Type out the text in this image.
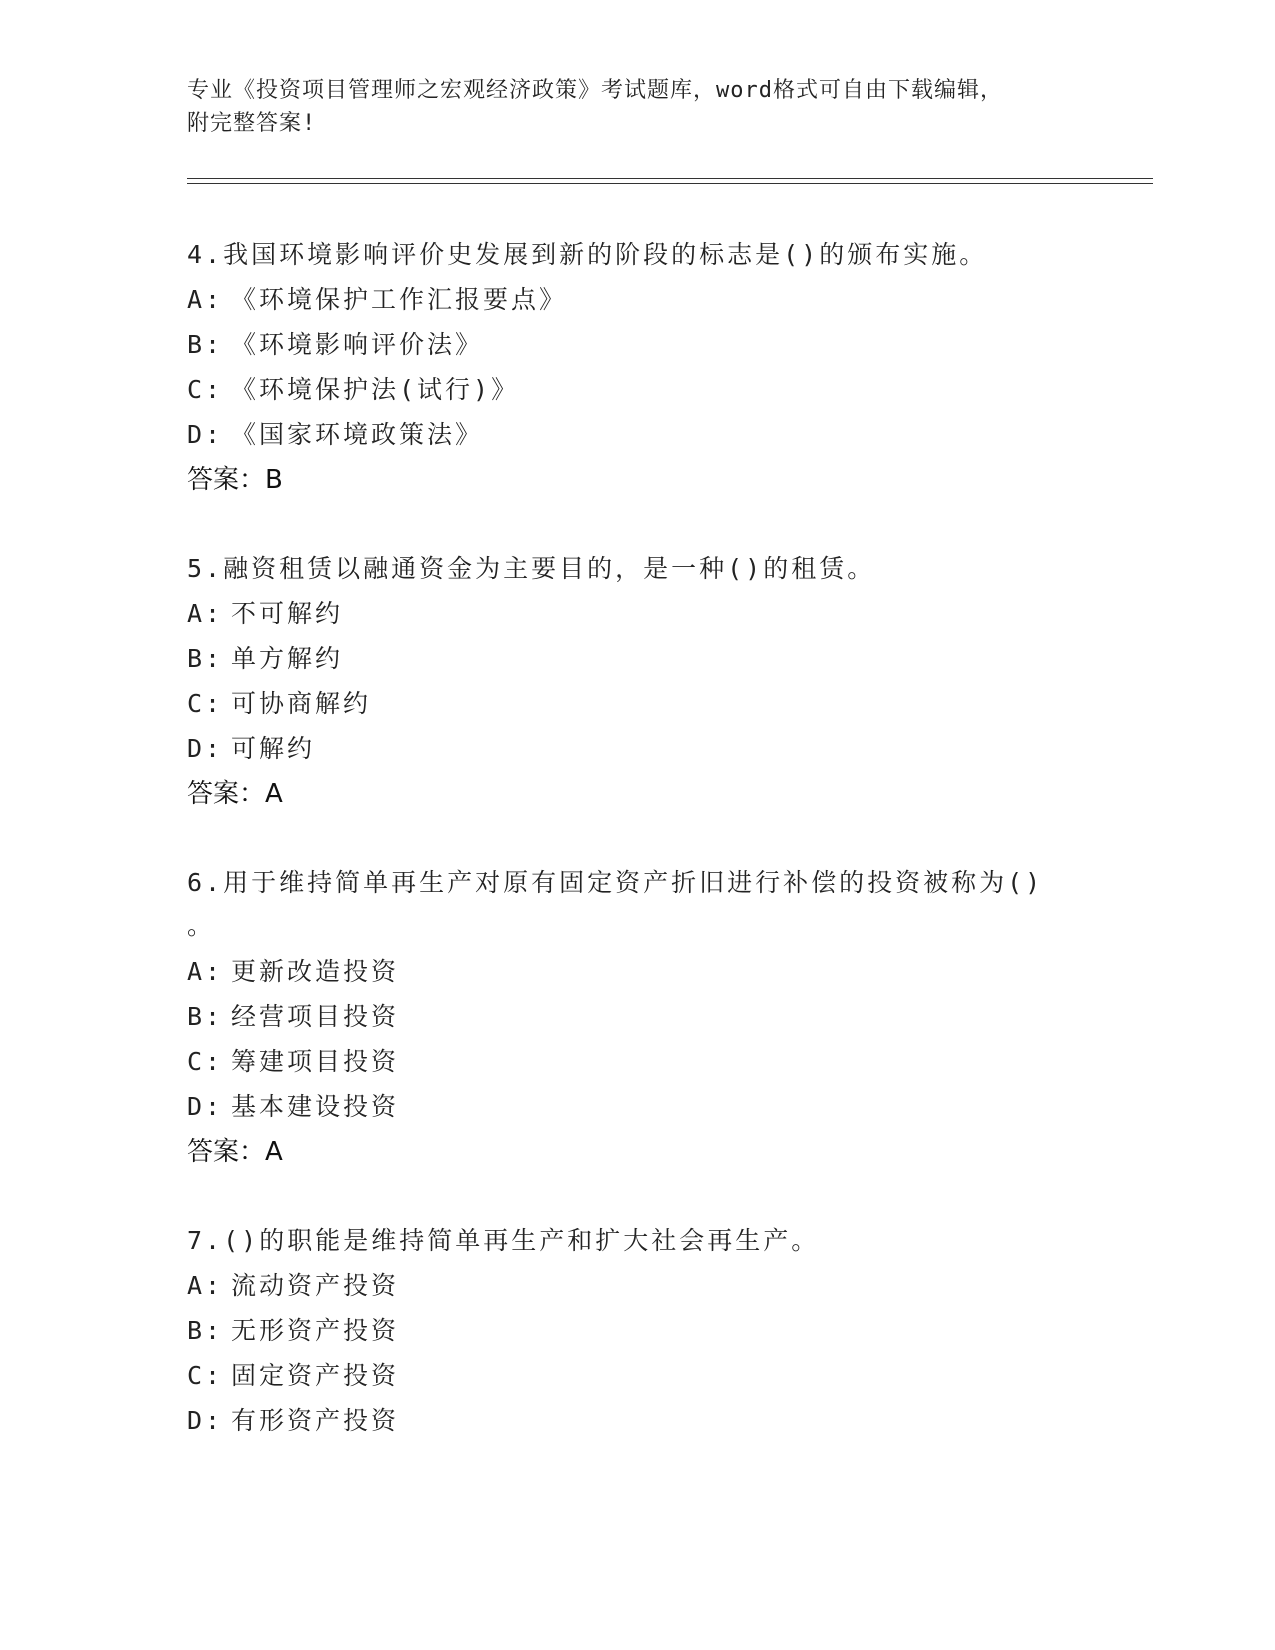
专业《投资项目管理师之宏观经济政策》考试题库，word格式可自由下载编辑，
附完整答案!
4.我国环境影响评价史发展到新的阶段的标志是()的颁布实施。
A: 《环境保护工作汇报要点》
B: 《环境影响评价法》
C: 《环境保护法(试行)》
D: 《国家环境政策法》
答案：B
5.融资租赁以融通资金为主要目的，是一种()的租赁。
A: 不可解约
B: 单方解约
C: 可协商解约
D: 可解约
答案：A
6.用于维持简单再生产对原有固定资产折旧进行补偿的投资被称为()
。
A: 更新改造投资
B: 经营项目投资
C: 筹建项目投资
D: 基本建设投资
答案：A
7.()的职能是维持简单再生产和扩大社会再生产。
A: 流动资产投资
B: 无形资产投资
C: 固定资产投资
D: 有形资产投资
